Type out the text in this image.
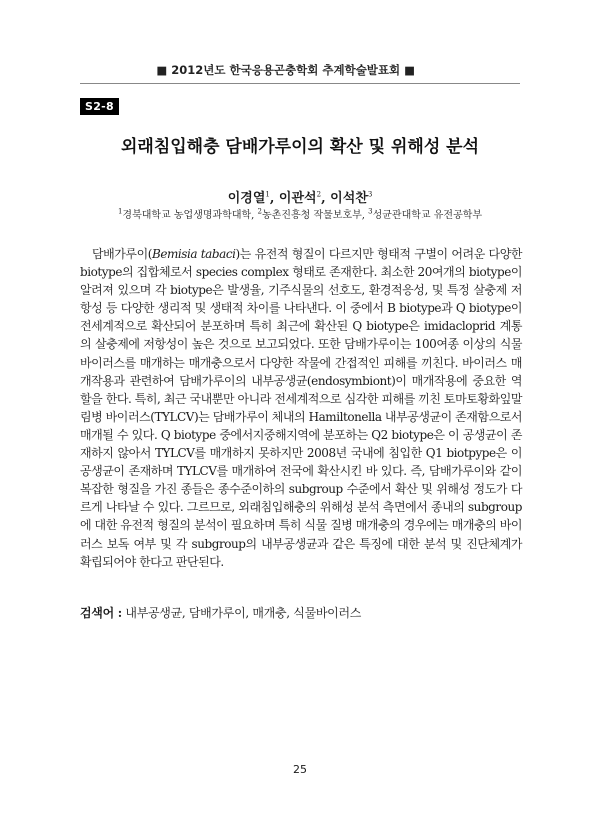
■ 2012년도 한국응용곤충학회 추계학술발표회 ■
S2-8
외래침입해충 담배가루이의 확산 및 위해성 분석
이경열$^1$, 이관석$^2$, 이석찬$^3$
$^1$경북대학교 농업생명과학대학, $^2$농촌진흥청 작물보호부, $^3$성균관대학교 유전공학부

담배가루이(Bemisia tabaci)는 유전적 형질이 다르지만 형태적 구별이 어려운 다양한 biotype의 집합체로서 species complex 형태로 존재한다. 최소한 20여개의 biotype이 알려져 있으며 각 biotype은 발생율, 기주식물의 선호도, 환경적응성, 및 특정 살충제 저항성 등 다양한 생리적 및 생태적 차이를 나타낸다. 이 중에서 B biotype과 Q biotype이 전세계적으로 확산되어 분포하며 특히 최근에 확산된 Q biotype은 imidacloprid 계통의 살충제에 저항성이 높은 것으로 보고되었다. 또한 담배가루이는 100여종 이상의 식물바이러스를 매개하는 매개충으로서 다양한 작물에 간접적인 피해를 끼친다. 바이러스 매개작용과 관련하여 담배가루이의 내부공생균(endosymbiont)이 매개작용에 중요한 역할을 한다. 특히, 최근 국내뿐만 아니라 전세계적으로 심각한 피해를 끼친 토마토황화잎말림병 바이러스(TYLCV)는 담배가루이 체내의 Hamiltonella 내부공생균이 존재함으로서 매개될 수 있다. Q biotype 중에서지중해지역에 분포하는 Q2 biotype은 이 공생균이 존재하지 않아서 TYLCV를 매개하지 못하지만 2008년 국내에 침입한 Q1 biotpype은 이 공생균이 존재하며 TYLCV를 매개하여 전국에 확산시킨 바 있다. 즉, 담배가루이와 같이 복잡한 형질을 가진 종들은 종수준이하의 subgroup 수준에서 확산 및 위해성 정도가 다르게 나타날 수 있다. 그르므로, 외래침입해충의 위해성 분석 측면에서 종내의 subgroup에 대한 유전적 형질의 분석이 필요하며 특히 식물 질병 매개충의 경우에는 매개충의 바이러스 보독 여부 및 각 subgroup의 내부공생균과 같은 특징에 대한 분석 및 진단체계가 확립되어야 한다고 판단된다.

검색어 : 내부공생균, 담배가루이, 매개충, 식물바이러스
25
